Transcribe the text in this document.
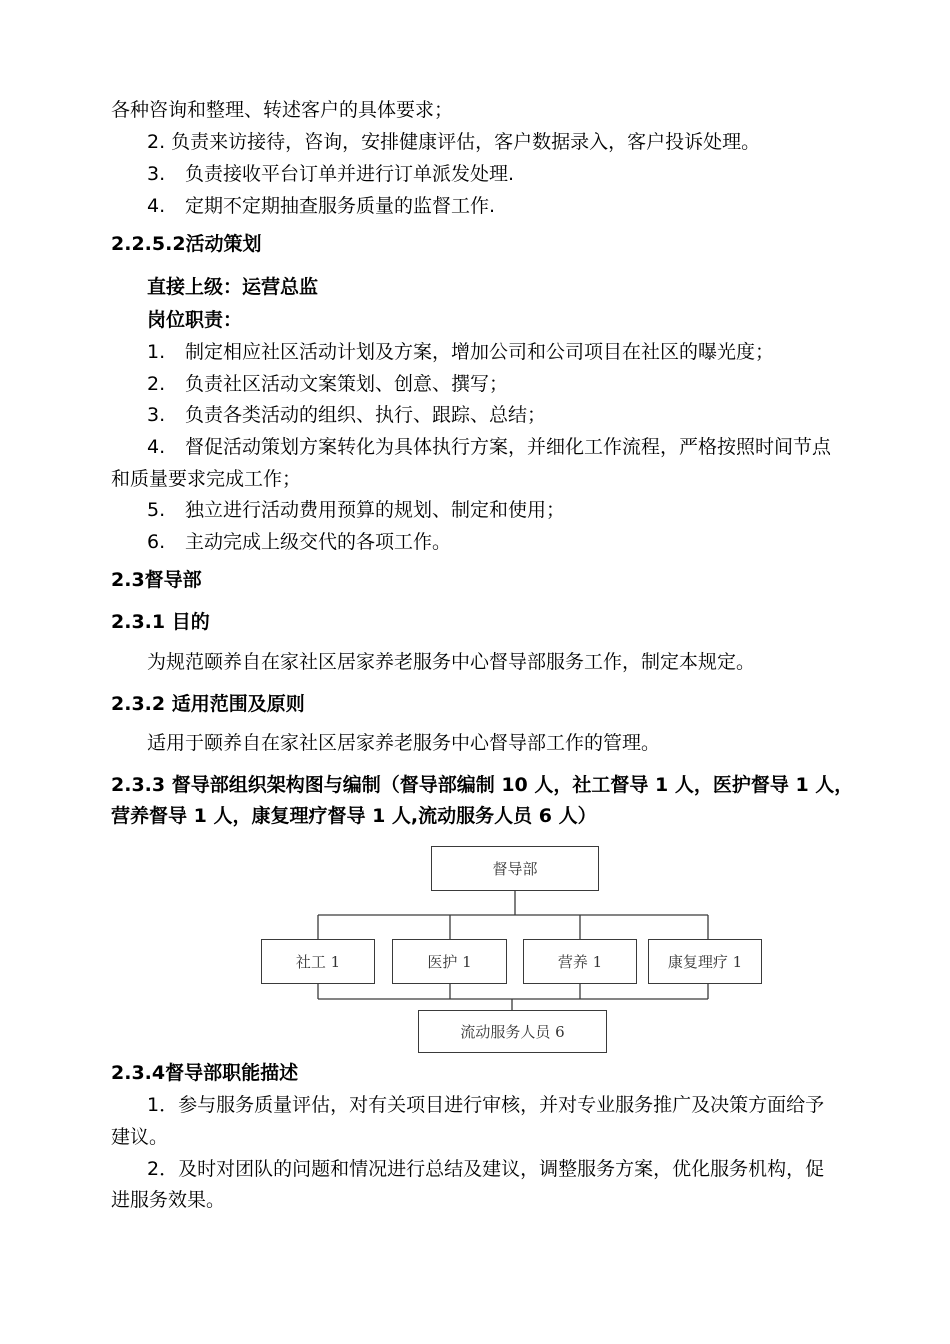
各种咨询和整理、转述客户的具体要求；
2. 负责来访接待，咨询，安排健康评估，客户数据录入，客户投诉处理。
3. 负责接收平台订单并进行订单派发处理.
4. 定期不定期抽查服务质量的监督工作.
2.2.5.2活动策划
直接上级：运营总监
岗位职责：
1. 制定相应社区活动计划及方案，增加公司和公司项目在社区的曝光度；
2. 负责社区活动文案策划、创意、撰写；
3. 负责各类活动的组织、执行、跟踪、总结；
4. 督促活动策划方案转化为具体执行方案，并细化工作流程，严格按照时间节点
和质量要求完成工作；
5. 独立进行活动费用预算的规划、制定和使用；
6. 主动完成上级交代的各项工作。
2.3督导部
2.3.1 目的
为规范颐养自在家社区居家养老服务中心督导部服务工作，制定本规定。
2.3.2 适用范围及原则
适用于颐养自在家社区居家养老服务中心督导部工作的管理。
2.3.3 督导部组织架构图与编制（督导部编制 10 人，社工督导 1 人，医护督导 1 人，
营养督导 1 人，康复理疗督导 1 人,流动服务人员 6 人）
督导部
社工 1	医护 1	营养 1	康复理疗 1
流动服务人员 6
2.3.4督导部职能描述
1．参与服务质量评估，对有关项目进行审核，并对专业服务推广及决策方面给予
建议。
2．及时对团队的问题和情况进行总结及建议，调整服务方案，优化服务机构，促
进服务效果。
